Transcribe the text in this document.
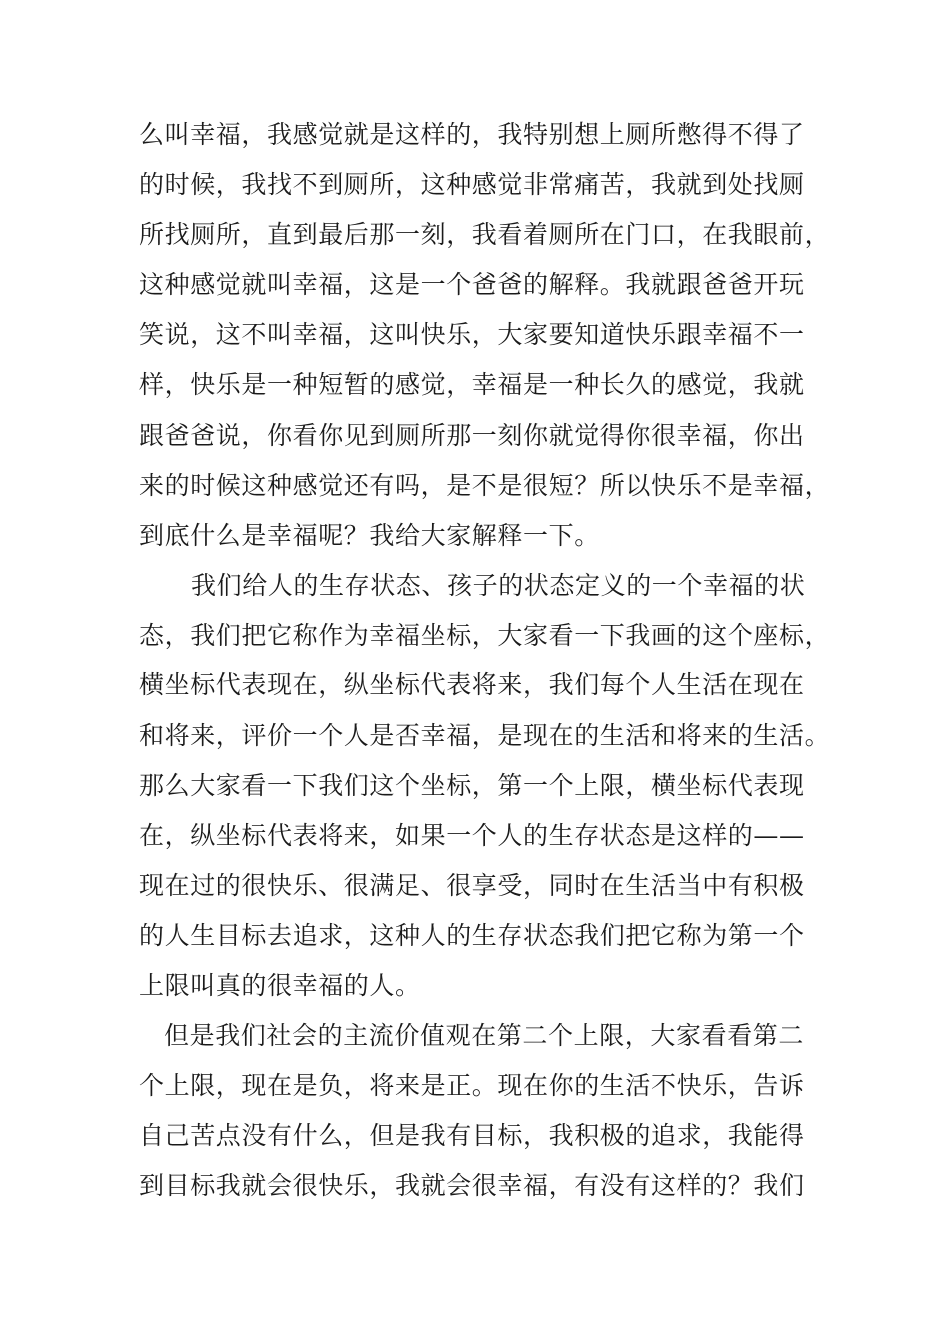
么叫幸福，我感觉就是这样的，我特别想上厕所憋得不得了

的时候，我找不到厕所，这种感觉非常痛苦，我就到处找厕

所找厕所，直到最后那一刻，我看着厕所在门口，在我眼前，

这种感觉就叫幸福，这是一个爸爸的解释。我就跟爸爸开玩

笑说，这不叫幸福，这叫快乐，大家要知道快乐跟幸福不一

样，快乐是一种短暂的感觉，幸福是一种长久的感觉，我就

跟爸爸说，你看你见到厕所那一刻你就觉得你很幸福，你出

来的时候这种感觉还有吗，是不是很短？所以快乐不是幸福，

到底什么是幸福呢？我给大家解释一下。

我们给人的生存状态、孩子的状态定义的一个幸福的状

态，我们把它称作为幸福坐标，大家看一下我画的这个座标，

横坐标代表现在，纵坐标代表将来，我们每个人生活在现在

和将来，评价一个人是否幸福，是现在的生活和将来的生活。

那么大家看一下我们这个坐标，第一个上限，横坐标代表现

在，纵坐标代表将来，如果一个人的生存状态是这样的——

现在过的很快乐、很满足、很享受，同时在生活当中有积极

的人生目标去追求，这种人的生存状态我们把它称为第一个

上限叫真的很幸福的人。

但是我们社会的主流价值观在第二个上限，大家看看第二

个上限，现在是负，将来是正。现在你的生活不快乐，告诉

自己苦点没有什么，但是我有目标，我积极的追求，我能得

到目标我就会很快乐，我就会很幸福，有没有这样的？我们
